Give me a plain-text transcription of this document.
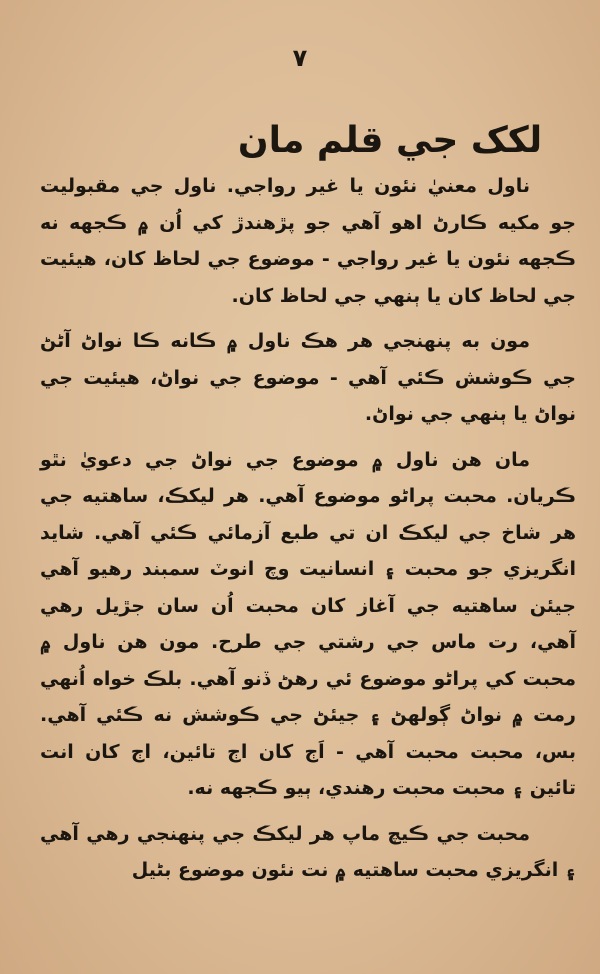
٧
لکک جي قلم مان

ناول معنيٰ نئون يا غير رواجي. ناول جي مقبوليت جو مکيه ڪارڻ اهو آهي جو پڙهندڙ کي اُن ۾ ڪجهه نه ڪجهه نئون يا غير رواجي - موضوع جي لحاظ کان، هيئيت جي لحاظ کان يا ٻنهي جي لحاظ کان.

مون به پنهنجي هر هڪ ناول ۾ ڪانه ڪا نواڻ آڻڻ جي ڪوشش ڪئي آهي - موضوع جي نواڻ، هيئيت جي نواڻ يا ٻنهي جي نواڻ.

مان هن ناول ۾ موضوع جي نواڻ جي دعويٰ نٿو ڪريان. محبت پراڻو موضوع آهي. هر ليکڪ، ساهتيه جي هر شاخ جي ليکڪ ان تي طبع آزمائي ڪئي آهي. شايد انگريزي جو محبت ۽ انسانيت وچ انوٽ سمبند رهيو آهي جيئن ساهتيه جي آغاز کان محبت اُن سان جڙيل رهي آهي، رت ماس جي رشتي جي طرح. مون هن ناول ۾ محبت کي پراڻو موضوع ئي رهڻ ڏنو آهي. بلڪ خواه اُنهي رمت ۾ نواڻ ڳولهڻ ۽ جيئڻ جي ڪوشش نه ڪئي آهي. بس، محبت محبت آهي - اَڄ کان اڄ تائين، اڄ کان انت تائين ۽ محبت محبت رهندي، ٻيو ڪجهه نه.

محبت جي ڪيچ ماپ هر ليکڪ جي پنهنجي رهي آهي ۽ انگريزي محبت ساهتيه ۾ نت نئون موضوع بڻيل
